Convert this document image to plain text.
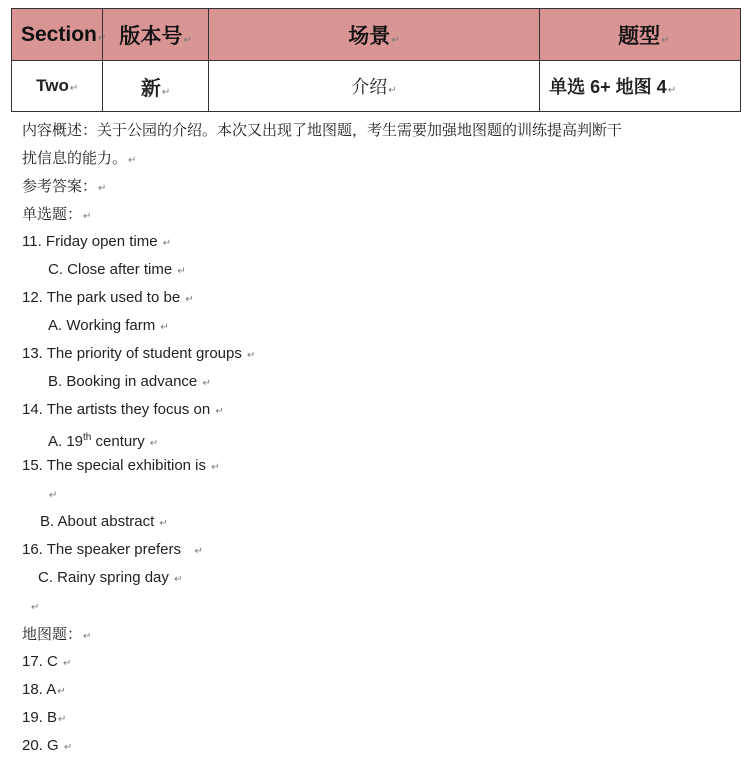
Section↵	版本号↵	场景↵	题型↵
Two↵	新↵	介绍↵	单选 6+ 地图 4↵
内容概述：关于公园的介绍。本次又出现了地图题，考生需要加强地图题的训练提高判断干
扰信息的能力。↵
参考答案：↵
单选题：↵
11. Friday open time ↵
C. Close after time ↵
12. The park used to be ↵
A. Working farm ↵
13. The priority of student groups ↵
B. Booking in advance ↵
14. The artists they focus on ↵
A. 19th century ↵
15. The special exhibition is ↵
↵
B. About abstract ↵
16. The speaker prefers ↵
C. Rainy spring day ↵
↵
地图题：↵
17. C ↵
18. A↵
19. B↵
20. G ↵
